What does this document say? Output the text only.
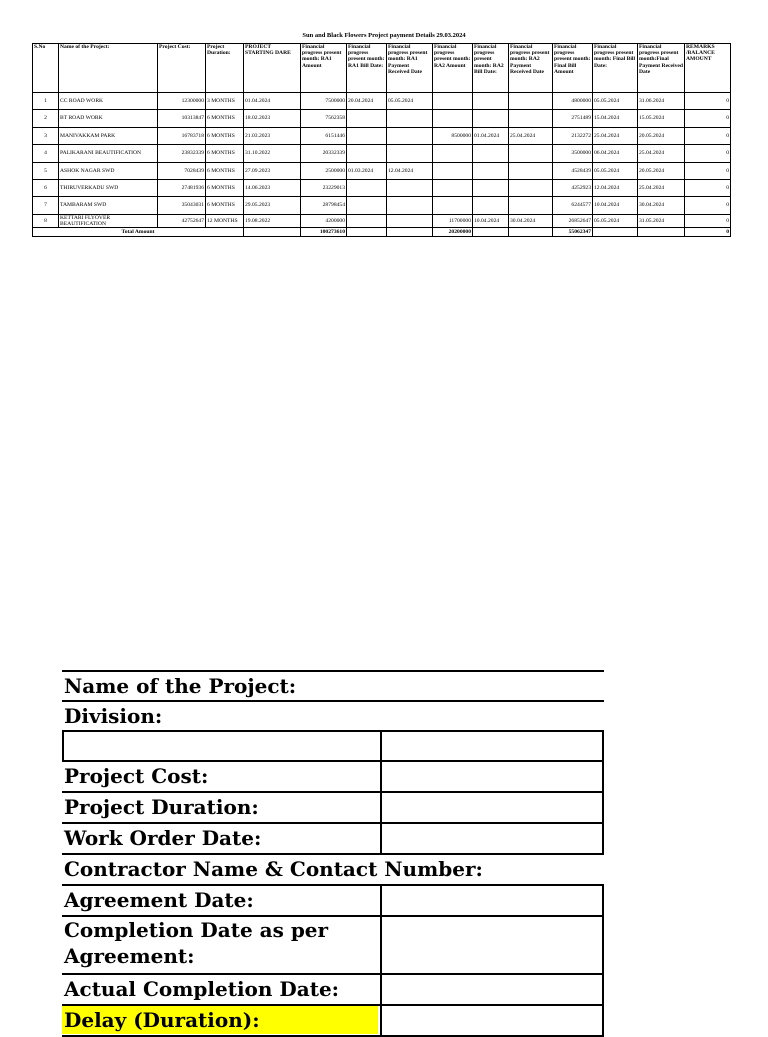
Sun and Black Flowers Project payment Details 29.03.2024
S.No	Name of the Project:	Project Cost:	Project Duration:	PROJECT STARTING DARE	Financial progress present month: RA1 Amount	Financial progress present month: RA1 Bill Date:	Financial progress present month: RA1 Payment Received Date	Financial progress present month: RA2 Amount	Financial progress present month: RA2 Bill Date:	Financial progress present month: RA2 Payment Received Date	Financial progress present month: Final Bill Amount	Financial progress present month: Final Bill Date:	Financial progress present month:Final Payment Received Date	REMARKS /BALANCE AMOUNT
1	CC ROAD WORK	12300000	3 MONTHS	01.04.2024	7500000	20.04.2024	05.05.2024				4800000	05.05.2024	31.06.2024	0
2	BT ROAD WORK	10313847	6 MONTHS	18.02.2023	7562358						2751489	15.04.2024	15.05.2024	0
3	MANIVAKKAM PARK	16783718	6 MONTHS	21.03.2023	6151446			8500000	01.04.2024	25.04.2024	2132272	25.04.2024	20.05.2024	0
4	PALIKARANI BEAUTIFICATION	23832339	6 MONTHS	31.10.2022	20332339						3500000	06.04.2024	25.04.2024	0
5	ASHOK NAGAR SWD	7028439	6 MONTHS	27.09.2023	2500000	01.03.2024	12.04.2024				4528439	05.05.2024	20.05.2024	0
6	THIRUVERKADU SWD	27481936	6 MONTHS	14.06.2023	23229013						4252923	12.04.2024	25.04.2024	0
7	TAMBARAM SWD	35043031	6 MONTHS	29.05.2023	28798454						6244577	10.04.2024	30.04.2024	0
8	KETTARI FLYOVER BEAUTIFICATION	42752647	12 MONTHS	19.08.2022	4200000			11700000	10.04.2024	30.04.2024	26852647	05.05.2024	31.05.2024	0
Total Amount					100273610			20200000			55062347			0
Name of the Project:
Division:
Project Cost:
Project Duration:
Work Order Date:
Contractor Name & Contact Number:
Agreement Date:
Completion Date as per Agreement:
Actual Completion Date:
Delay (Duration):
